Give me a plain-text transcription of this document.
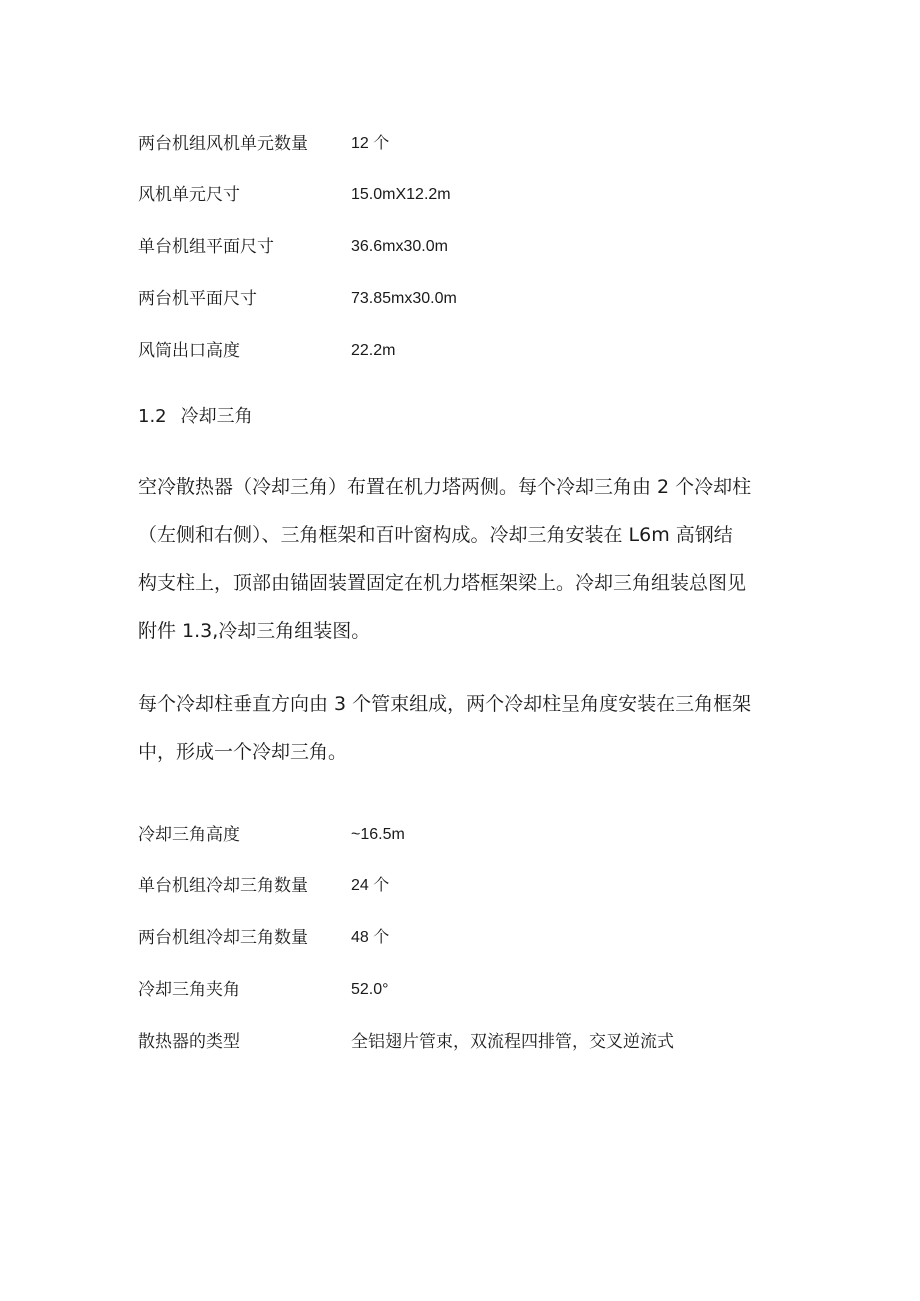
两台机组风机单元数量	12 个
风机单元尺寸	15.0mX12.2m
单台机组平面尺寸	36.6mx30.0m
两台机平面尺寸	73.85mx30.0m
风筒出口高度	22.2m
1.2 冷却三角
空冷散热器（冷却三角）布置在机力塔两侧。每个冷却三角由 2 个冷却柱
（左侧和右侧）、三角框架和百叶窗构成。冷却三角安装在 L6m 高钢结
构支柱上，顶部由锚固装置固定在机力塔框架梁上。冷却三角组装总图见
附件 1.3,冷却三角组装图。
每个冷却柱垂直方向由 3 个管束组成，两个冷却柱呈角度安装在三角框架
中，形成一个冷却三角。
冷却三角高度	~16.5m
单台机组冷却三角数量	24 个
两台机组冷却三角数量	48 个
冷却三角夹角	52.0°
散热器的类型	全铝翅片管束，双流程四排管，交叉逆流式
